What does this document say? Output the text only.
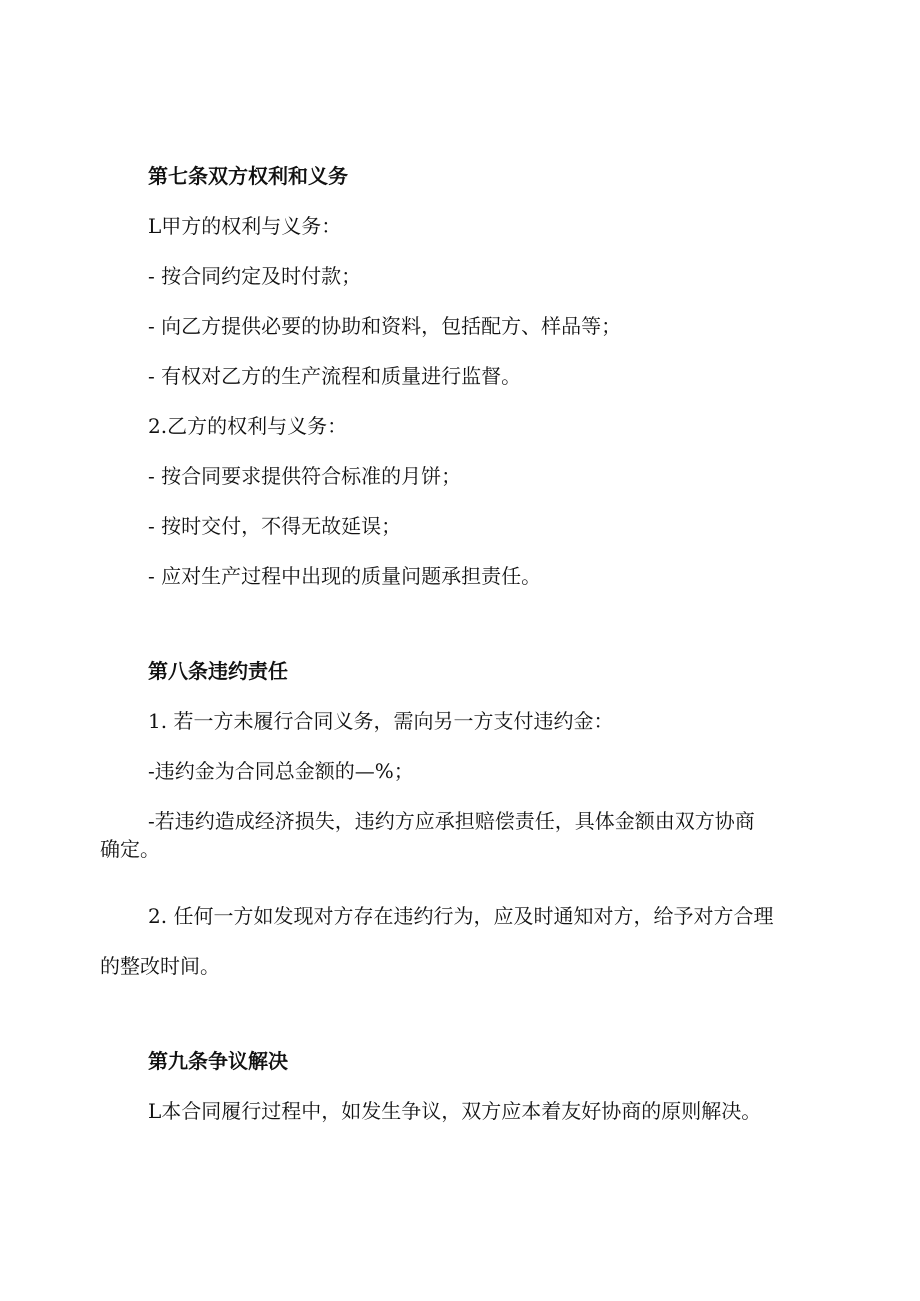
第七条双方权利和义务

L甲方的权利与义务：

- 按合同约定及时付款；

- 向乙方提供必要的协助和资料，包括配方、样品等；

- 有权对乙方的生产流程和质量进行监督。

2.乙方的权利与义务：

- 按合同要求提供符合标准的月饼；

- 按时交付，不得无故延误；

- 应对生产过程中出现的质量问题承担责任。

第八条违约责任

1. 若一方未履行合同义务，需向另一方支付违约金：

-违约金为合同总金额的—%；

-若违约造成经济损失，违约方应承担赔偿责任，具体金额由双方协商

确定。

2. 任何一方如发现对方存在违约行为，应及时通知对方，给予对方合理

的整改时间。

第九条争议解决

L本合同履行过程中，如发生争议，双方应本着友好协商的原则解决。
